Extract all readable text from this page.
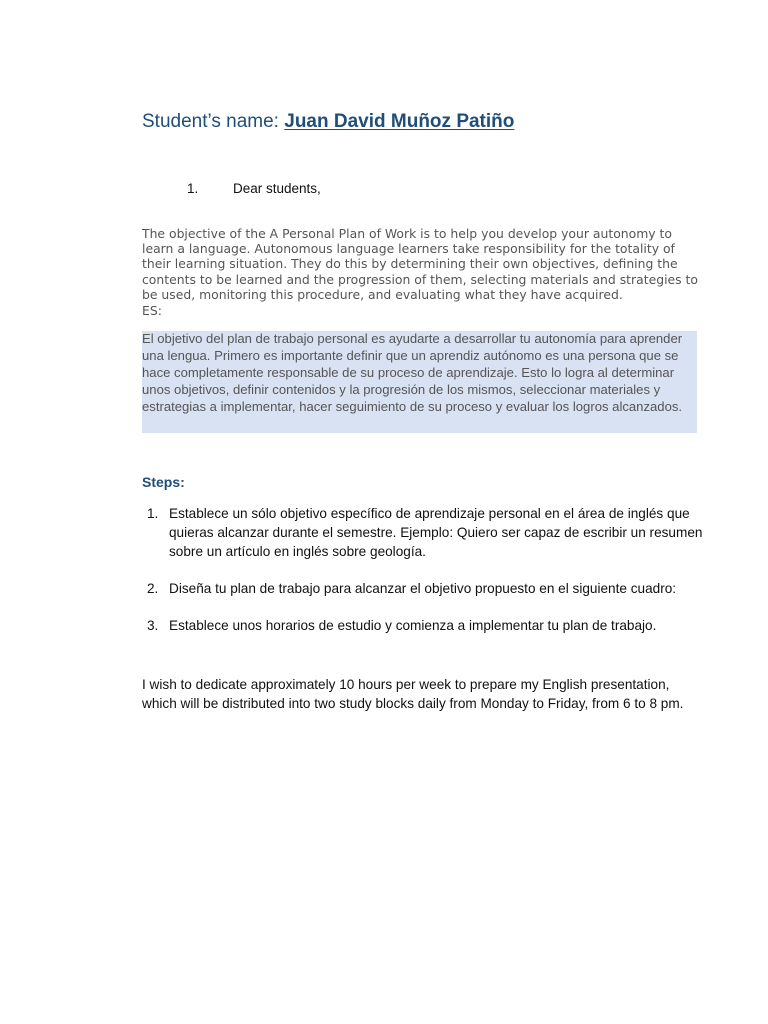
Student’s name: Juan David Muñoz Patiño
1.	Dear students,

The objective of the A Personal Plan of Work is to help you develop your autonomy to learn a language. Autonomous language learners take responsibility for the totality of their learning situation. They do this by determining their own objectives, defining the contents to be learned and the progression of them, selecting materials and strategies to be used, monitoring this procedure, and evaluating what they have acquired.

ES:

El objetivo del plan de trabajo personal es ayudarte a desarrollar tu autonomía para aprender una lengua. Primero es importante definir que un aprendiz autónomo es una persona que se hace completamente responsable de su proceso de aprendizaje. Esto lo logra al determinar unos objetivos, definir contenidos y la progresión de los mismos, seleccionar materiales y estrategias a implementar, hacer seguimiento de su proceso y evaluar los logros alcanzados.

Steps:
1. Establece un sólo objetivo específico de aprendizaje personal en el área de inglés que quieras alcanzar durante el semestre. Ejemplo: Quiero ser capaz de escribir un resumen sobre un artículo en inglés sobre geología.

2. Diseña tu plan de trabajo para alcanzar el objetivo propuesto en el siguiente cuadro:

3. Establece unos horarios de estudio y comienza a implementar tu plan de trabajo.

I wish to dedicate approximately 10 hours per week to prepare my English presentation, which will be distributed into two study blocks daily from Monday to Friday, from 6 to 8 pm.
